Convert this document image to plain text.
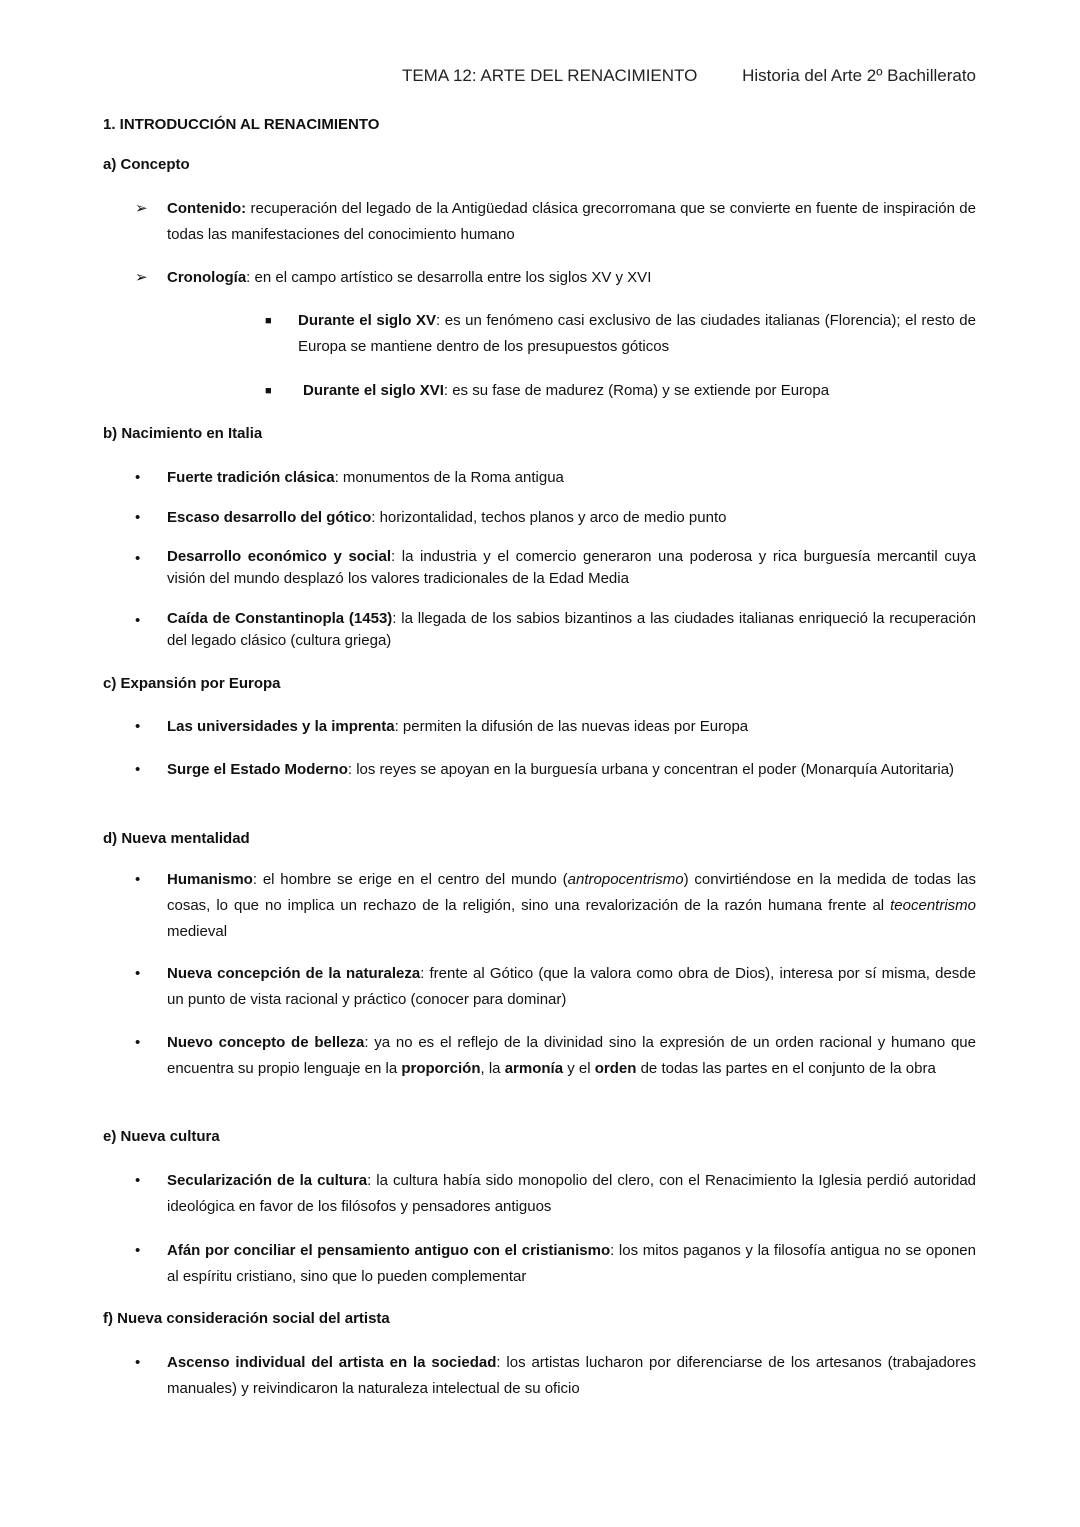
TEMA 12: ARTE DEL RENACIMIENTO	Historia del Arte 2º Bachillerato
1. INTRODUCCIÓN AL RENACIMIENTO
a) Concepto
➢ Contenido: recuperación del legado de la Antigüedad clásica grecorromana que se convierte en fuente de inspiración de todas las manifestaciones del conocimiento humano
➢ Cronología: en el campo artístico se desarrolla entre los siglos XV y XVI
■ Durante el siglo XV: es un fenómeno casi exclusivo de las ciudades italianas (Florencia); el resto de Europa se mantiene dentro de los presupuestos góticos
■ Durante el siglo XVI: es su fase de madurez (Roma) y se extiende por Europa
b) Nacimiento en Italia
• Fuerte tradición clásica: monumentos de la Roma antigua
• Escaso desarrollo del gótico: horizontalidad, techos planos y arco de medio punto
• Desarrollo económico y social: la industria y el comercio generaron una poderosa y rica burguesía mercantil cuya visión del mundo desplazó los valores tradicionales de la Edad Media
• Caída de Constantinopla (1453): la llegada de los sabios bizantinos a las ciudades italianas enriqueció la recuperación del legado clásico (cultura griega)
c) Expansión por Europa
• Las universidades y la imprenta: permiten la difusión de las nuevas ideas por Europa
• Surge el Estado Moderno: los reyes se apoyan en la burguesía urbana y concentran el poder (Monarquía Autoritaria)
d) Nueva mentalidad
• Humanismo: el hombre se erige en el centro del mundo (antropocentrismo) convirtiéndose en la medida de todas las cosas, lo que no implica un rechazo de la religión, sino una revalorización de la razón humana frente al teocentrismo medieval
• Nueva concepción de la naturaleza: frente al Gótico (que la valora como obra de Dios), interesa por sí misma, desde un punto de vista racional y práctico (conocer para dominar)
• Nuevo concepto de belleza: ya no es el reflejo de la divinidad sino la expresión de un orden racional y humano que encuentra su propio lenguaje en la proporción, la armonía y el orden de todas las partes en el conjunto de la obra
e) Nueva cultura
• Secularización de la cultura: la cultura había sido monopolio del clero, con el Renacimiento la Iglesia perdió autoridad ideológica en favor de los filósofos y pensadores antiguos
• Afán por conciliar el pensamiento antiguo con el cristianismo: los mitos paganos y la filosofía antigua no se oponen al espíritu cristiano, sino que lo pueden complementar
f) Nueva consideración social del artista
• Ascenso individual del artista en la sociedad: los artistas lucharon por diferenciarse de los artesanos (trabajadores manuales) y reivindicaron la naturaleza intelectual de su oficio
